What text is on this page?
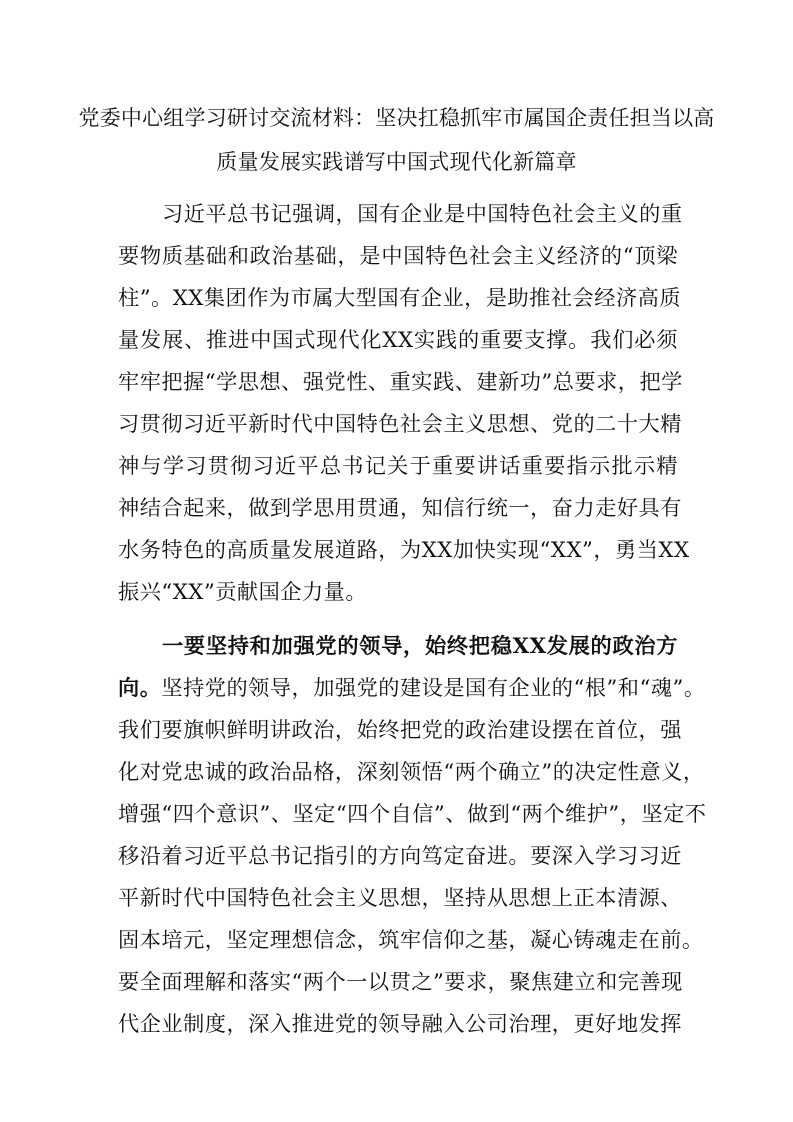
党委中心组学习研讨交流材料：坚决扛稳抓牢市属国企责任担当以高
质量发展实践谱写中国式现代化新篇章
习近平总书记强调，国有企业是中国特色社会主义的重
要物质基础和政治基础，是中国特色社会主义经济的“顶梁
柱”。XX集团作为市属大型国有企业，是助推社会经济高质
量发展、推进中国式现代化XX实践的重要支撑。我们必须
牢牢把握“学思想、强党性、重实践、建新功”总要求，把学
习贯彻习近平新时代中国特色社会主义思想、党的二十大精
神与学习贯彻习近平总书记关于重要讲话重要指示批示精
神结合起来，做到学思用贯通，知信行统一，奋力走好具有
水务特色的高质量发展道路，为XX加快实现“XX”，勇当XX
振兴“XX”贡献国企力量。
一要坚持和加强党的领导，始终把稳XX发展的政治方
向。坚持党的领导，加强党的建设是国有企业的“根”和“魂”。
我们要旗帜鲜明讲政治，始终把党的政治建设摆在首位，强
化对党忠诚的政治品格，深刻领悟“两个确立”的决定性意义，
增强“四个意识”、坚定“四个自信”、做到“两个维护”，坚定不
移沿着习近平总书记指引的方向笃定奋进。要深入学习习近
平新时代中国特色社会主义思想，坚持从思想上正本清源、
固本培元，坚定理想信念，筑牢信仰之基，凝心铸魂走在前。
要全面理解和落实“两个一以贯之”要求，聚焦建立和完善现
代企业制度，深入推进党的领导融入公司治理，更好地发挥
